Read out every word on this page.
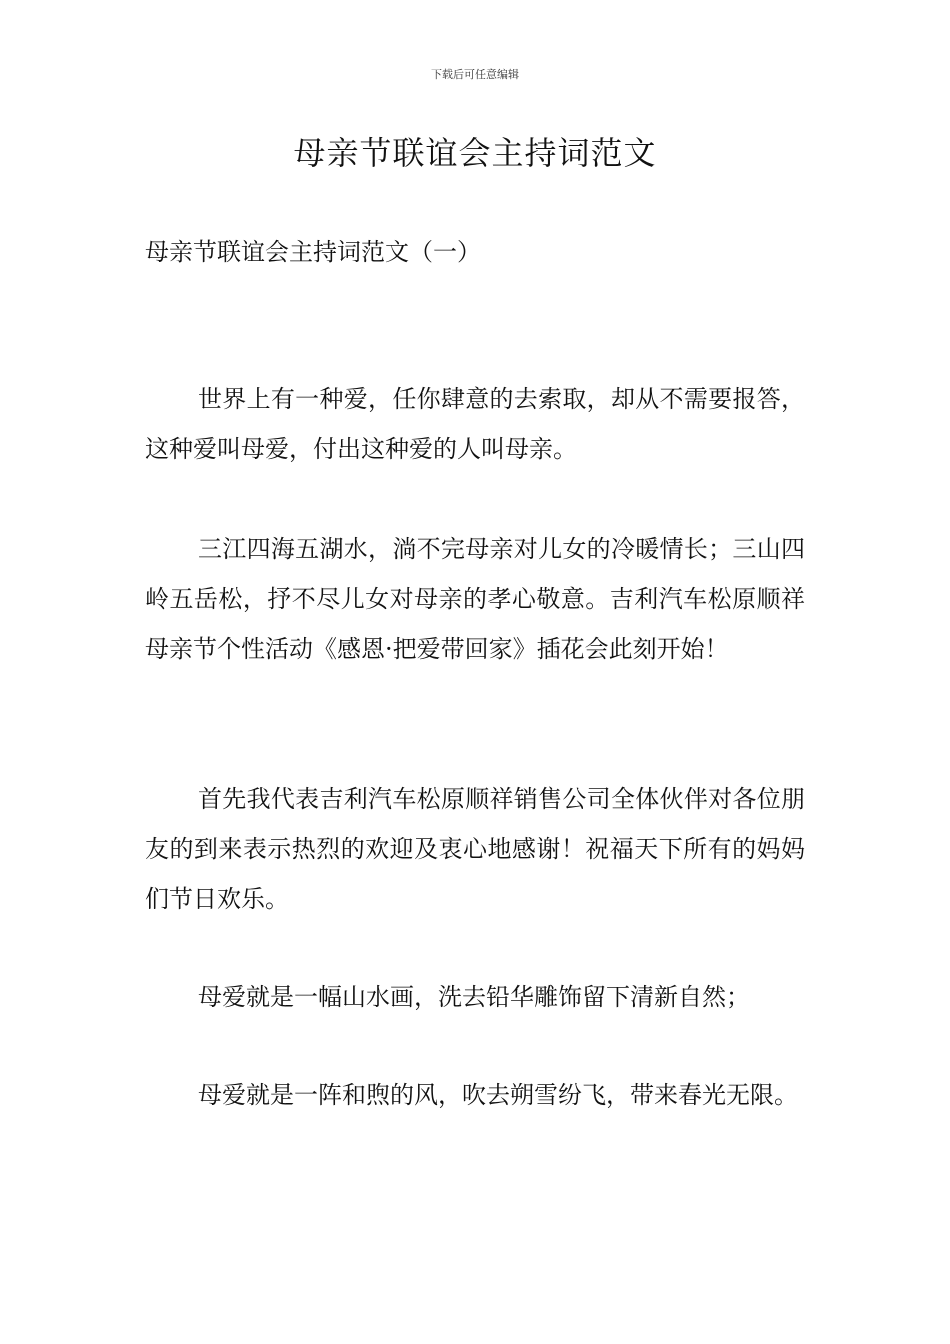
下载后可任意编辑
母亲节联谊会主持词范文

母亲节联谊会主持词范文（一）

世界上有一种爱，任你肆意的去索取，却从不需要报答，这种爱叫母爱，付出这种爱的人叫母亲。

三江四海五湖水，淌不完母亲对儿女的冷暖情长；三山四岭五岳松，抒不尽儿女对母亲的孝心敬意。吉利汽车松原顺祥母亲节个性活动《感恩·把爱带回家》插花会此刻开始！

首先我代表吉利汽车松原顺祥销售公司全体伙伴对各位朋友的到来表示热烈的欢迎及衷心地感谢！祝福天下所有的妈妈们节日欢乐。

母爱就是一幅山水画，洗去铅华雕饰留下清新自然；

母爱就是一阵和煦的风，吹去朔雪纷飞，带来春光无限。
